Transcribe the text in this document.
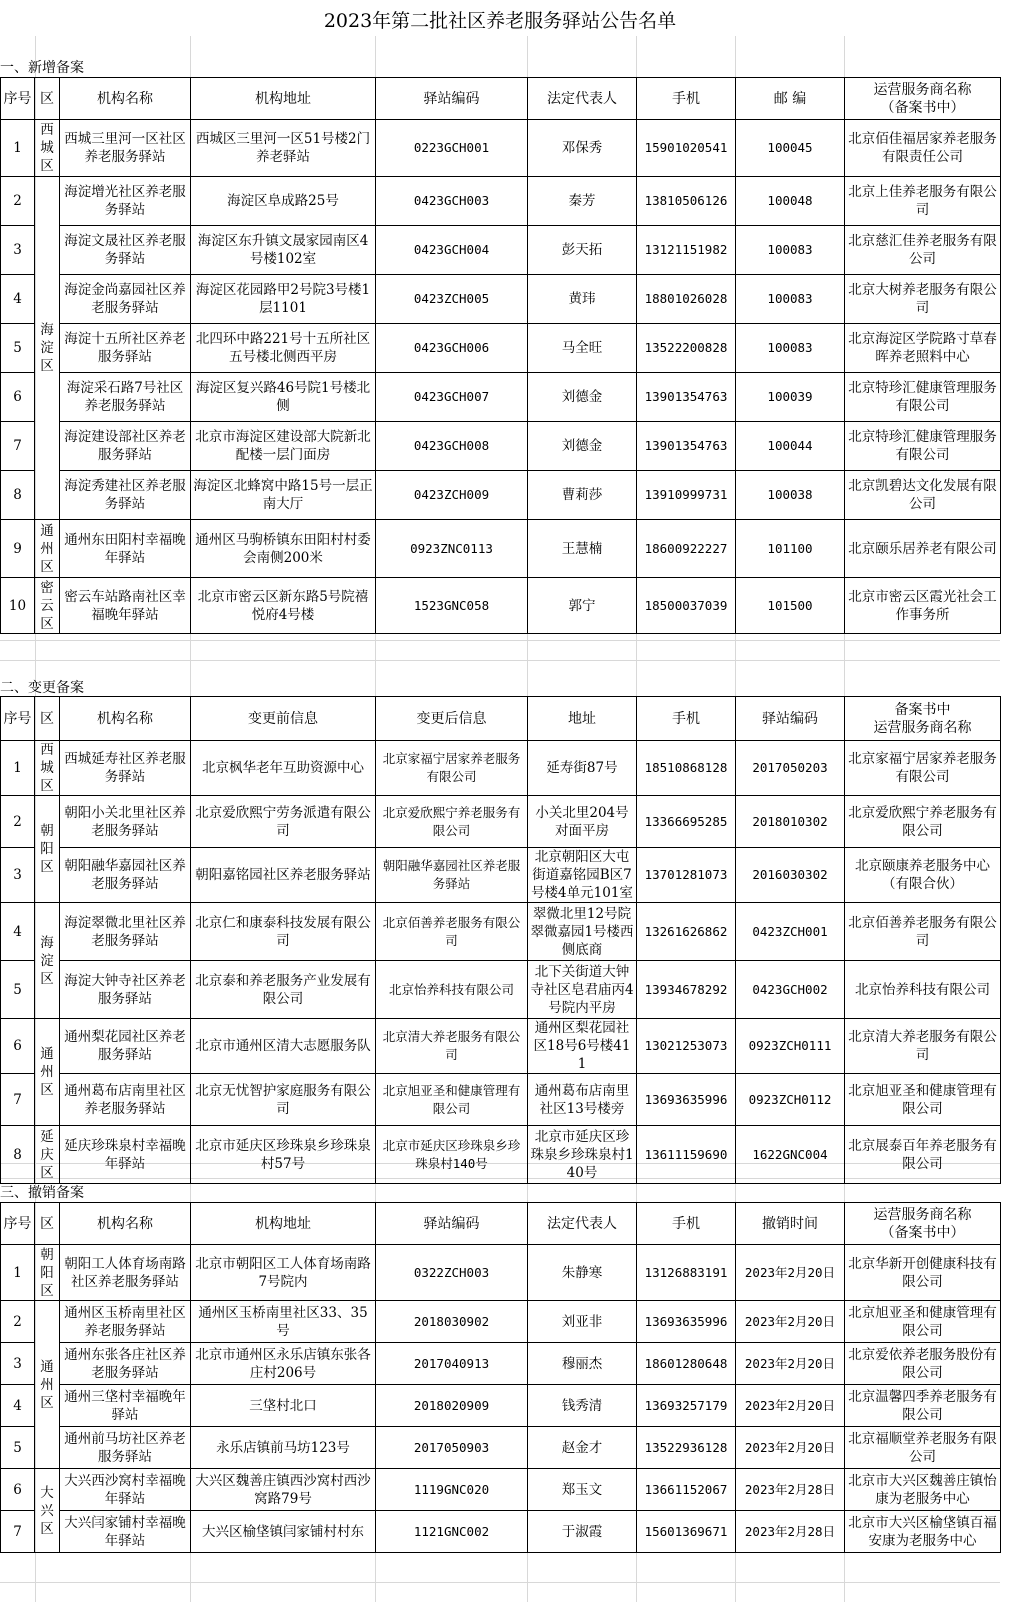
2023年第二批社区养老服务驿站公告名单
一、新增备案
序号	区	机构名称	机构地址	驿站编码	法定代表人	手机	邮 编	运营服务商名称
（备案书中）
1	西
城
区	西城三里河一区社区养老服务驿站	西城区三里河一区51号楼2门养老驿站	0223GCH001	邓保秀	15901020541	100045	北京佰佳福居家养老服务有限责任公司
2	海
淀
区	海淀增光社区养老服务驿站	海淀区阜成路25号	0423GCH003	秦芳	13810506126	100048	北京上佳养老服务有限公司
3		海淀文晟社区养老服务驿站	海淀区东升镇文晟家园南区4号楼102室	0423GCH004	彭天拓	13121151982	100083	北京慈汇佳养老服务有限公司
4		海淀金尚嘉园社区养老服务驿站	海淀区花园路甲2号院3号楼1层1101	0423ZCH005	黄玮	18801026028	100083	北京大树养老服务有限公司
5		海淀十五所社区养老服务驿站	北四环中路221号十五所社区五号楼北侧西平房	0423GCH006	马全旺	13522200828	100083	北京海淀区学院路寸草春晖养老照料中心
6		海淀采石路7号社区养老服务驿站	海淀区复兴路46号院1号楼北侧	0423GCH007	刘德金	13901354763	100039	北京特珍汇健康管理服务有限公司
7		海淀建设部社区养老服务驿站	北京市海淀区建设部大院新北配楼一层门面房	0423GCH008	刘德金	13901354763	100044	北京特珍汇健康管理服务有限公司
8		海淀秀建社区养老服务驿站	海淀区北蜂窝中路15号一层正南大厅	0423ZCH009	曹莉莎	13910999731	100038	北京凯碧达文化发展有限公司
9	通
州
区	通州东田阳村幸福晚年驿站	通州区马驹桥镇东田阳村村委会南侧200米	0923ZNC0113	王慧楠	18600922227	101100	北京颐乐居养老有限公司
10	密
云
区	密云车站路南社区幸福晚年驿站	北京市密云区新东路5号院禧悦府4号楼	1523GNC058	郭宁	18500037039	101500	北京市密云区霞光社会工作事务所
二、变更备案
序号	区	机构名称	变更前信息	变更后信息	地址	手机	驿站编码	备案书中
运营服务商名称
1	西
城
区	西城延寿社区养老服务驿站	北京枫华老年互助资源中心	北京家福宁居家养老服务有限公司	延寿街87号	18510868128	2017050203	北京家福宁居家养老服务有限公司
2	朝
阳
区	朝阳小关北里社区养老服务驿站	北京爱欣熙宁劳务派遣有限公司	北京爱欣熙宁养老服务有限公司	小关北里204号对面平房	13366695285	2018010302	北京爱欣熙宁养老服务有限公司
3		朝阳融华嘉园社区养老服务驿站	朝阳嘉铭园社区养老服务驿站	朝阳融华嘉园社区养老服务驿站	北京朝阳区大屯街道嘉铭园B区7号楼4单元101室	13701281073	2016030302	北京颐康养老服务中心（有限合伙）
4	海
淀
区	海淀翠微北里社区养老服务驿站	北京仁和康泰科技发展有限公司	北京佰善养老服务有限公司	翠微北里12号院翠微嘉园1号楼西侧底商	13261626862	0423ZCH001	北京佰善养老服务有限公司
5		海淀大钟寺社区养老服务驿站	北京泰和养老服务产业发展有限公司	北京怡养科技有限公司	北下关街道大钟寺社区皂君庙丙4号院内平房	13934678292	0423GCH002	北京怡养科技有限公司
6	通
州
区	通州梨花园社区养老服务驿站	北京市通州区清大志愿服务队	北京清大养老服务有限公司	通州区梨花园社区18号6号楼411	13021253073	0923ZCH0111	北京清大养老服务有限公司
7		通州葛布店南里社区养老服务驿站	北京无忧智护家庭服务有限公司	北京旭亚圣和健康管理有限公司	通州葛布店南里社区13号楼旁	13693635996	0923ZCH0112	北京旭亚圣和健康管理有限公司
8	延
庆
区	延庆珍珠泉村幸福晚年驿站	北京市延庆区珍珠泉乡珍珠泉村57号	北京市延庆区珍珠泉乡珍珠泉村140号	北京市延庆区珍珠泉乡珍珠泉村140号	13611159690	1622GNC004	北京展泰百年养老服务有限公司
三、撤销备案
序号	区	机构名称	机构地址	驿站编码	法定代表人	手机	撤销时间	运营服务商名称
（备案书中）
1	朝
阳
区	朝阳工人体育场南路社区养老服务驿站	北京市朝阳区工人体育场南路7号院内	0322ZCH003	朱静寒	13126883191	2023年2月20日	北京华新开创健康科技有限公司
2	通
州
区	通州区玉桥南里社区养老服务驿站	通州区玉桥南里社区33、35号	2018030902	刘亚非	13693635996	2023年2月20日	北京旭亚圣和健康管理有限公司
3		通州东张各庄社区养老服务驿站	北京市通州区永乐店镇东张各庄村206号	2017040913	穆丽杰	18601280648	2023年2月20日	北京爱依养老服务股份有限公司
4		通州三垡村幸福晚年驿站	三垡村北口	2018020909	钱秀清	13693257179	2023年2月20日	北京温馨四季养老服务有限公司
5		通州前马坊社区养老服务驿站	永乐店镇前马坊123号	2017050903	赵金才	13522936128	2023年2月20日	北京福顺堂养老服务有限公司
6	大
兴
区	大兴西沙窝村幸福晚年驿站	大兴区魏善庄镇西沙窝村西沙窝路79号	1119GNC020	郑玉文	13661152067	2023年2月28日	北京市大兴区魏善庄镇怡康为老服务中心
7		大兴闫家铺村幸福晚年驿站	大兴区榆垡镇闫家铺村村东	1121GNC002	于淑霞	15601369671	2023年2月28日	北京市大兴区榆垡镇百福安康为老服务中心
